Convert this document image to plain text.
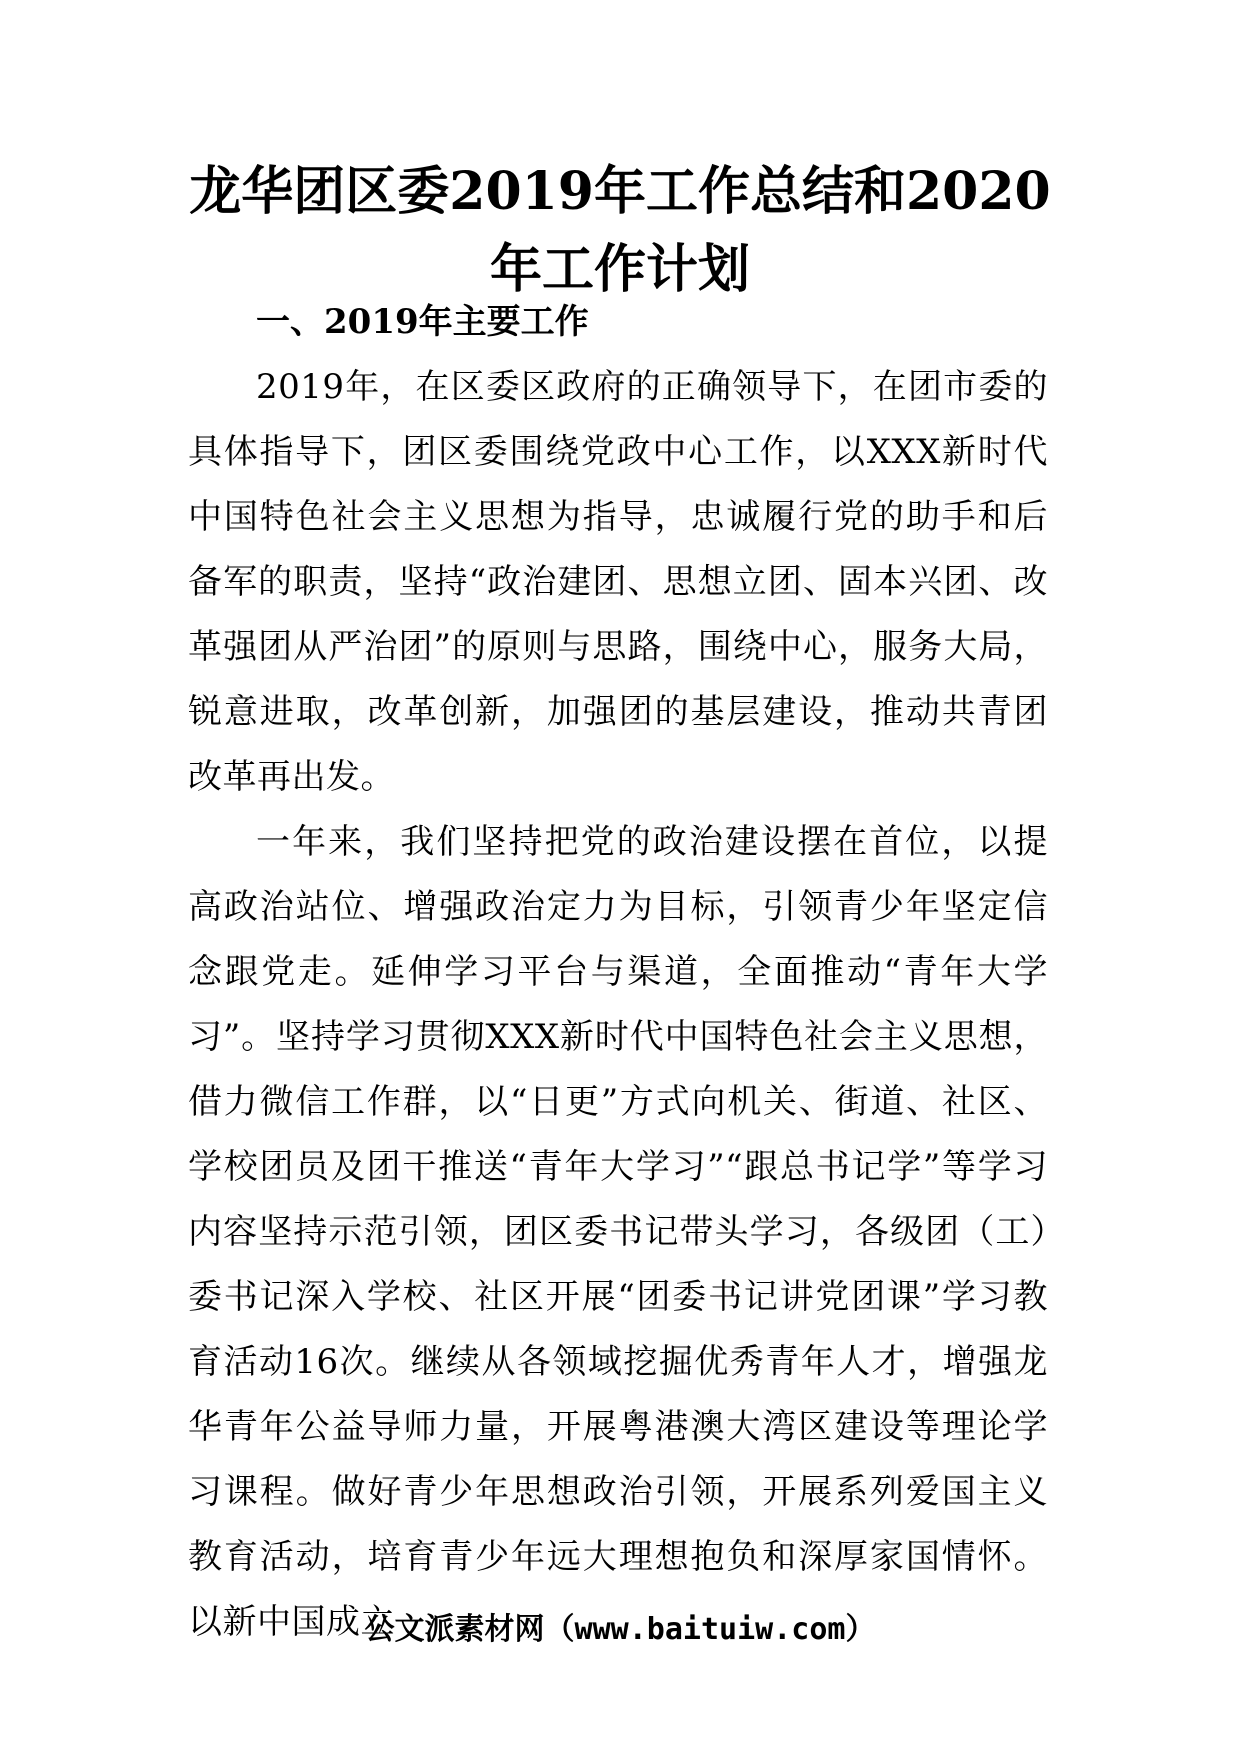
龙华团区委2019年工作总结和2020年工作计划
一、2019年主要工作

2019年，在区委区政府的正确领导下，在团市委的具体指导下，团区委围绕党政中心工作，以XXX新时代中国特色社会主义思想为指导，忠诚履行党的助手和后备军的职责，坚持“政治建团、思想立团、固本兴团、改革强团从严治团”的原则与思路，围绕中心，服务大局，锐意进取，改革创新，加强团的基层建设，推动共青团改革再出发。

一年来，我们坚持把党的政治建设摆在首位，以提高政治站位、增强政治定力为目标，引领青少年坚定信念跟党走。延伸学习平台与渠道，全面推动“青年大学习”。坚持学习贯彻XXX新时代中国特色社会主义思想，借力微信工作群，以“日更”方式向机关、街道、社区、学校团员及团干推送“青年大学习”“跟总书记学”等学习内容坚持示范引领，团区委书记带头学习，各级团（工）委书记深入学校、社区开展“团委书记讲党团课”学习教育活动16次。继续从各领域挖掘优秀青年人才，增强龙华青年公益导师力量，开展粤港澳大湾区建设等理论学习课程。做好青少年思想政治引领，开展系列爱国主义教育活动，培育青少年远大理想抱负和深厚家国情怀。以新中国成立

公文派素材网（www.baituiw.com）
